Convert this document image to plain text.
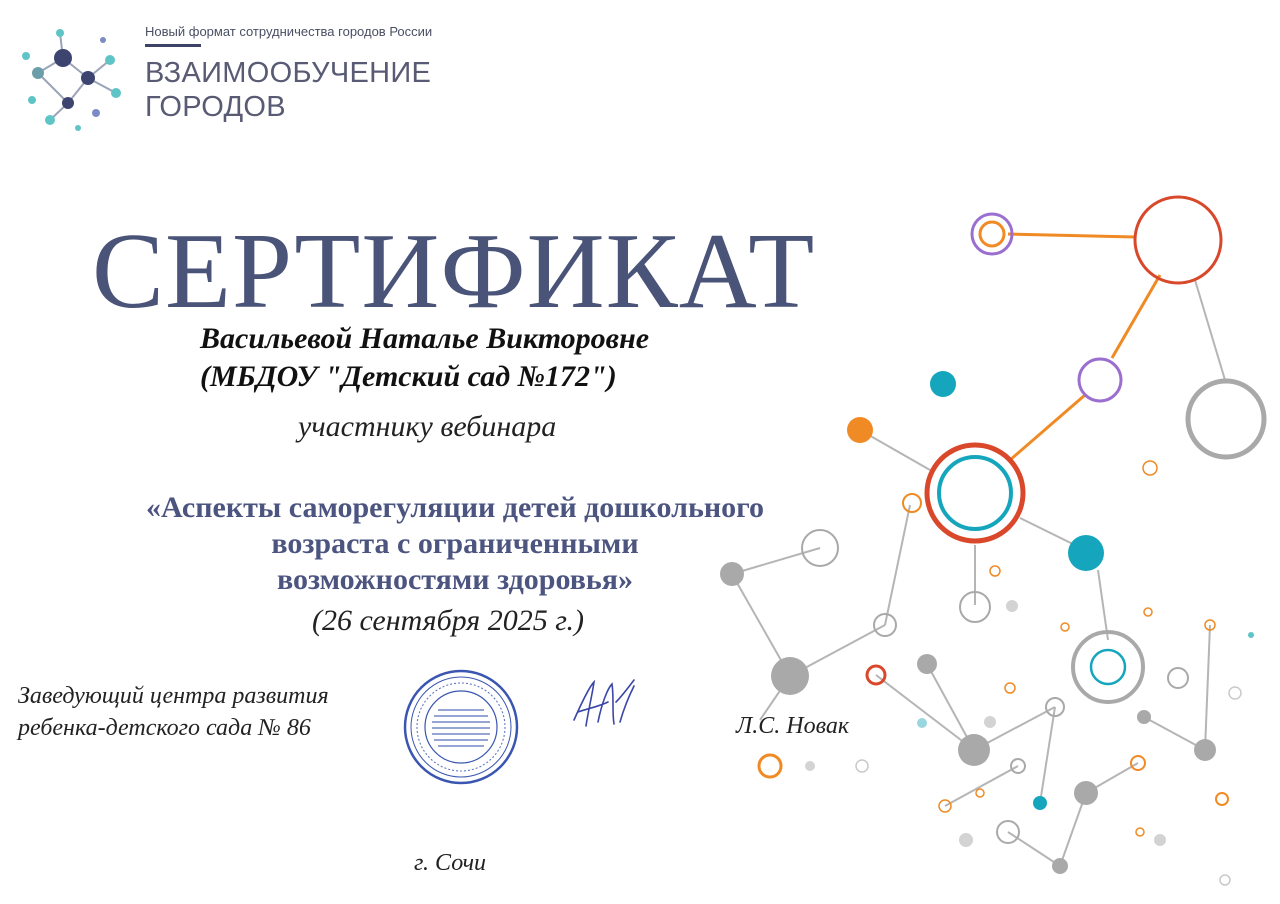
Новый формат сотрудничества городов России
ВЗАИМООБУЧЕНИЕ
ГОРОДОВ
СЕРТИФИКАТ
Васильевой Наталье Викторовне
(МБДОУ "Детский сад №172")
участнику вебинара
«Аспекты саморегуляции детей дошкольного
возраста с ограниченными
возможностями здоровья»
(26 сентября 2025 г.)
Заведующий центра развития
ребенка-детского сада № 86	Л.С. Новак
г. Сочи
